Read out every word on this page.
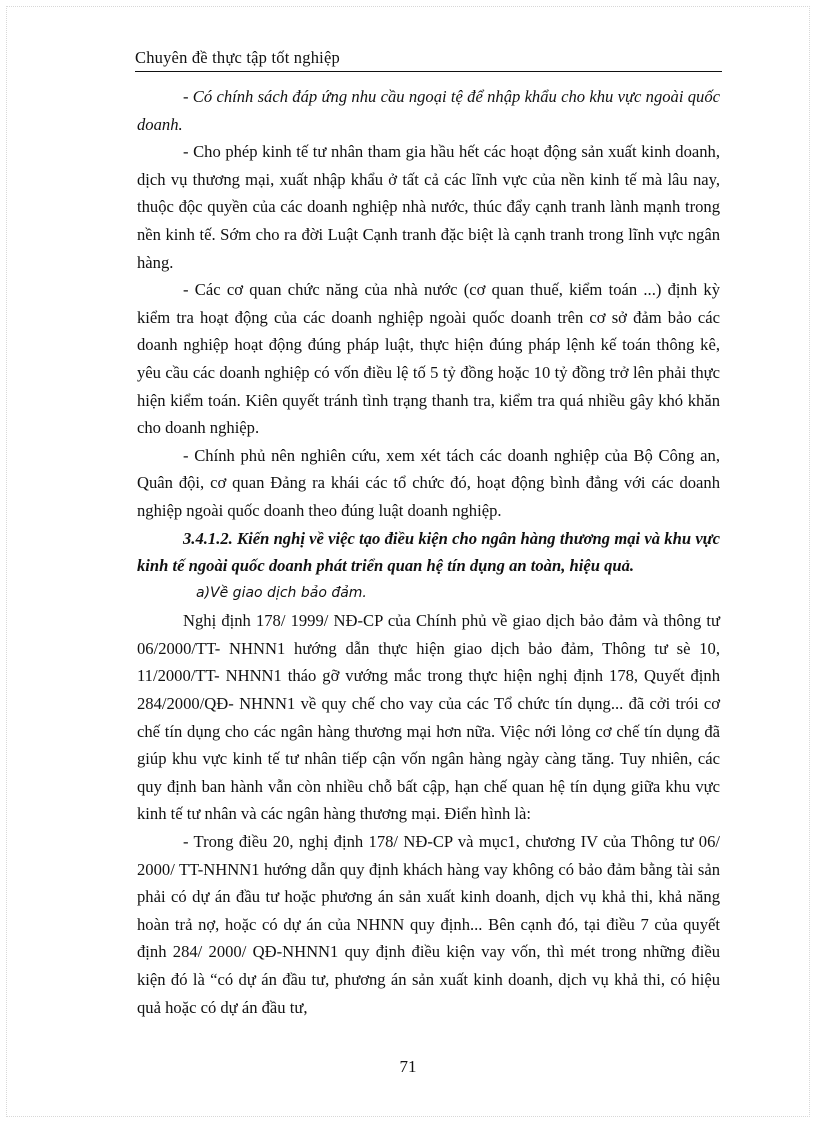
Chuyên đề thực tập tốt nghiệp

- Có chính sách đáp ứng nhu cầu ngoại tệ để nhập khẩu cho khu vực ngoài quốc doanh.

- Cho phép kinh tế tư nhân tham gia hầu hết các hoạt động sản xuất kinh doanh, dịch vụ thương mại, xuất nhập khẩu ở tất cả các lĩnh vực của nền kinh tế mà lâu nay, thuộc độc quyền của các doanh nghiệp nhà nước, thúc đẩy cạnh tranh lành mạnh trong nền kinh tế. Sớm cho ra đời Luật Cạnh tranh đặc biệt là cạnh tranh trong lĩnh vực ngân hàng.

- Các cơ quan chức năng của nhà nước (cơ quan thuế, kiểm toán ...) định kỳ kiểm tra hoạt động của các doanh nghiệp ngoài quốc doanh trên cơ sở đảm bảo các doanh nghiệp hoạt động đúng pháp luật, thực hiện đúng pháp lệnh kế toán thông kê, yêu cầu các doanh nghiệp có vốn điều lệ tố 5 tỷ đồng hoặc 10 tỷ đồng trở lên phải thực hiện kiểm toán. Kiên quyết tránh tình trạng thanh tra, kiểm tra quá nhiều gây khó khăn cho doanh nghiệp.

- Chính phủ nên nghiên cứu, xem xét tách các doanh nghiệp của Bộ Công an, Quân đội, cơ quan Đảng ra khái các tổ chức đó, hoạt động bình đẳng với các doanh nghiệp ngoài quốc doanh theo đúng luật doanh nghiệp.

3.4.1.2. Kiến nghị về việc tạo điều kiện cho ngân hàng thương mại và khu vực kinh tế ngoài quốc doanh phát triển quan hệ tín dụng an toàn, hiệu quả.

a)Về giao dịch bảo đảm.

Nghị định 178/ 1999/ NĐ-CP của Chính phủ về giao dịch bảo đảm và thông tư 06/2000/TT- NHNN1 hướng dẫn thực hiện giao dịch bảo đảm, Thông tư sè 10, 11/2000/TT- NHNN1 tháo gỡ vướng mắc trong thực hiện nghị định 178, Quyết định 284/2000/QĐ- NHNN1 về quy chế cho vay của các Tổ chức tín dụng... đã cởi trói cơ chế tín dụng cho các ngân hàng thương mại hơn nữa. Việc nới lỏng cơ chế tín dụng đã giúp khu vực kinh tế tư nhân tiếp cận vốn ngân hàng ngày càng tăng. Tuy nhiên, các quy định ban hành vẫn còn nhiều chỗ bất cập, hạn chế quan hệ tín dụng giữa khu vực kinh tế tư nhân và các ngân hàng thương mại. Điển hình là:

- Trong điều 20, nghị định 178/ NĐ-CP và mục1, chương IV của Thông tư 06/ 2000/ TT-NHNN1 hướng dẫn quy định khách hàng vay không có bảo đảm bằng tài sản phải có dự án đầu tư hoặc phương án sản xuất kinh doanh, dịch vụ khả thi, khả năng hoàn trả nợ, hoặc có dự án của NHNN quy định... Bên cạnh đó, tại điều 7 của quyết định 284/ 2000/ QĐ-NHNN1 quy định điều kiện vay vốn, thì mét trong những điều kiện đó là “có dự án đầu tư, phương án sản xuất kinh doanh, dịch vụ khả thi, có hiệu quả hoặc có dự án đầu tư,

71
